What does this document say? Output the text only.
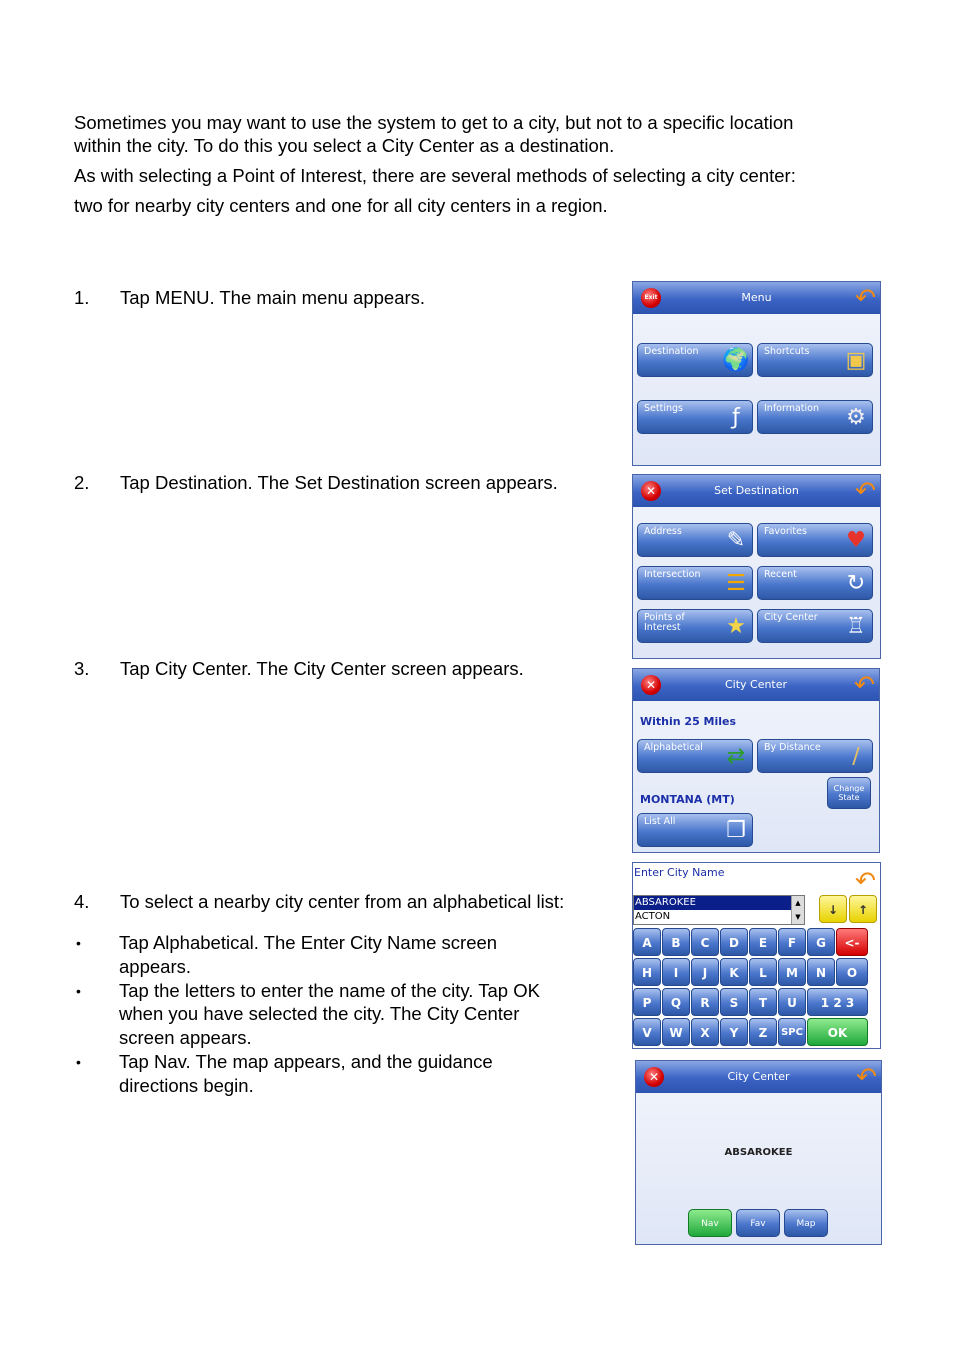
Sometimes you may want to use the system to get to a city, but not to a specific location
within the city. To do this you select a City Center as a destination.
As with selecting a Point of Interest, there are several methods of selecting a city center:
two for nearby city centers and one for all city centers in a region.
1. Tap MENU. The main menu appears.
2. Tap Destination. The Set Destination screen appears.
3. Tap City Center. The City Center screen appears.
4. To select a nearby city center from an alphabetical list:
• Tap Alphabetical. The Enter City Name screen
appears.
• Tap the letters to enter the name of the city. Tap OK
when you have selected the city. The City Center
screen appears.
• Tap Nav. The map appears, and the guidance
directions begin.
Exit	Menu	↶
Destination 🌍	Shortcuts ▣
Settings	ƒ	Information ⚙
✕	Set Destination	↶
Address ✎	Favorites ♥
Intersection ☰	Recent ↻
Points of Interest ★	City Center ♖
✕	City Center	↶
Within 25 Miles
Alphabetical ⇄	By Distance	∕
Change State
MONTANA (MT)
List All ❐
Enter City Name	↶
ABSAROKEE
ACTON
▲
▼	↓	↑
A	B	C	D	E	F	G	<-
H	I	J	K	L	M	N	O
P	Q	R	S	T	U	1 2 3
V	W	X	Y	Z	SPC	OK
✕	City Center	↶
ABSAROKEE
Nav	Fav	Map
